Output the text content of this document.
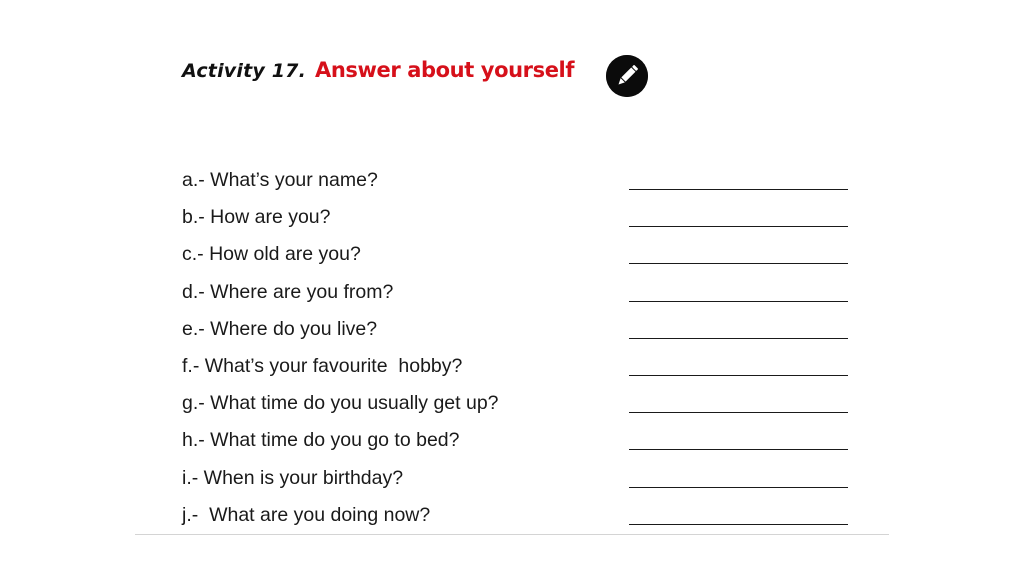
Activity 17. Answer about yourself
a.- What’s your name?
b.- How are you?
c.- How old are you?
d.- Where are you from?
e.- Where do you live?
f.- What’s your favourite  hobby?
g.- What time do you usually get up?
h.- What time do you go to bed?
i.- When is your birthday?
j.-  What are you doing now?
